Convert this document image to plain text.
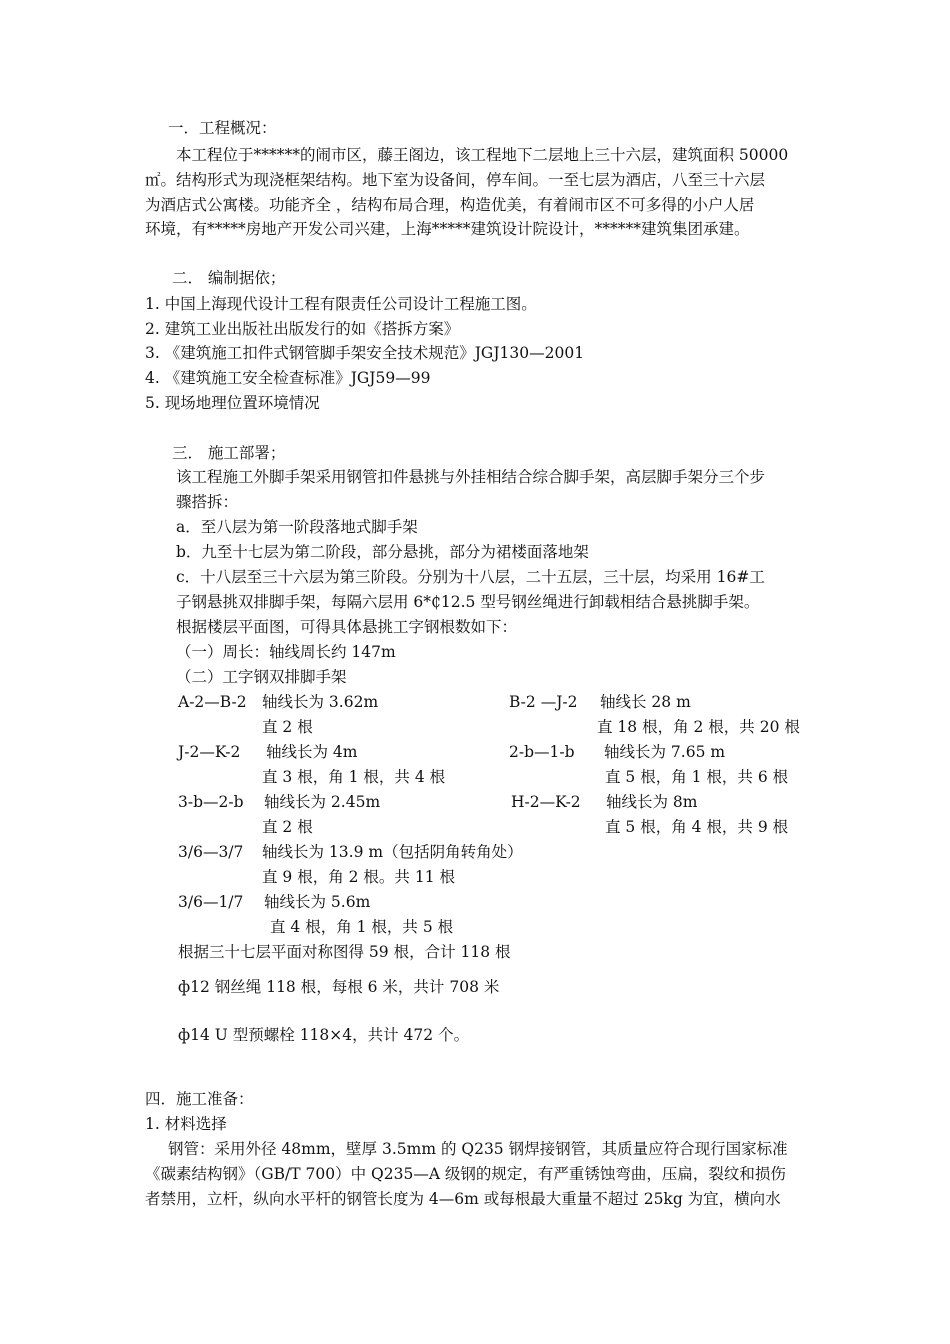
一．工程概况：
本工程位于******的闹市区，藤王阁边，该工程地下二层地上三十六层，建筑面积 50000
㎡。结构形式为现浇框架结构。地下室为设备间，停车间。一至七层为酒店，八至三十六层
为酒店式公寓楼。功能齐全 ，结构布局合理，构造优美，有着闹市区不可多得的小户人居
环境，有*****房地产开发公司兴建，上海*****建筑设计院设计，******建筑集团承建。
二． 编制据依；
1. 中国上海现代设计工程有限责任公司设计工程施工图。
2. 建筑工业出版社出版发行的如《搭拆方案》
3. 《建筑施工扣件式钢管脚手架安全技术规范》JGJ130—2001
4. 《建筑施工安全检查标准》JGJ59—99
5. 现场地理位置环境情况
三． 施工部署；
该工程施工外脚手架采用钢管扣件悬挑与外挂相结合综合脚手架，高层脚手架分三个步
骤搭拆：
a．至八层为第一阶段落地式脚手架
b．九至十七层为第二阶段，部分悬挑，部分为裙楼面落地架
c．十八层至三十六层为第三阶段。分别为十八层，二十五层，三十层，均采用 16#工
子钢悬挑双排脚手架，每隔六层用 6*₵12.5 型号钢丝绳进行卸载相结合悬挑脚手架。
根据楼层平面图，可得具体悬挑工字钢根数如下：
（一）周长：轴线周长约 147m
（二）工字钢双排脚手架
A-2—B-2 轴线长为 3.62m	B-2 —J-2 轴线长 28 m
直 2 根	直 18 根，角 2 根，共 20 根
J-2—K-2 轴线长为 4m	2-b—1-b 轴线长为 7.65 m
直 3 根，角 1 根，共 4 根	直 5 根，角 1 根，共 6 根
3-b—2-b 轴线长为 2.45m	H-2—K-2 轴线长为 8m
直 2 根	直 5 根，角 4 根，共 9 根
3/6—3/7 轴线长为 13.9 m（包括阴角转角处）
直 9 根，角 2 根。共 11 根
3/6—1/7 轴线长为 5.6m
直 4 根，角 1 根，共 5 根
根据三十七层平面对称图得 59 根，合计 118 根
ф12 钢丝绳 118 根，每根 6 米，共计 708 米
ф14 U 型预螺栓 118×4，共计 472 个。
四．施工准备：
1. 材料选择
钢管：采用外径 48mm，壁厚 3.5mm 的 Q235 钢焊接钢管，其质量应符合现行国家标准
《碳素结构钢》（GB/T 700）中 Q235—A 级钢的规定，有严重锈蚀弯曲，压扁，裂纹和损伤
者禁用，立杆，纵向水平杆的钢管长度为 4—6m 或每根最大重量不超过 25kg 为宜，横向水
